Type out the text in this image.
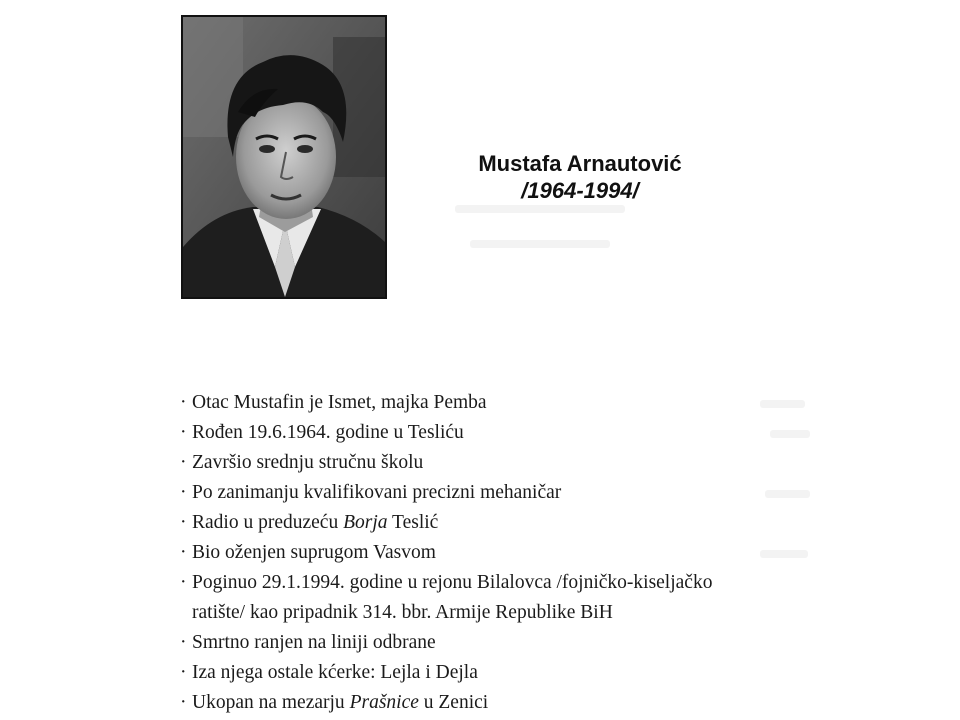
Mustafa Arnautović
/1964-1994/
· Otac Mustafin je Ismet, majka Pemba
· Rođen 19.6.1964. godine u Tesliću
· Završio srednju stručnu školu
· Po zanimanju kvalifikovani precizni mehaničar
· Radio u preduzeću Borja Teslić
· Bio oženjen suprugom Vasvom
· Poginuo 29.1.1994. godine u rejonu Bilalovca /fojničko-kiseljačko
ratište/ kao pripadnik 314. bbr. Armije Republike BiH
· Smrtno ranjen na liniji odbrane
· Iza njega ostale kćerke: Lejla i Dejla
· Ukopan na mezarju Prašnice u Zenici
